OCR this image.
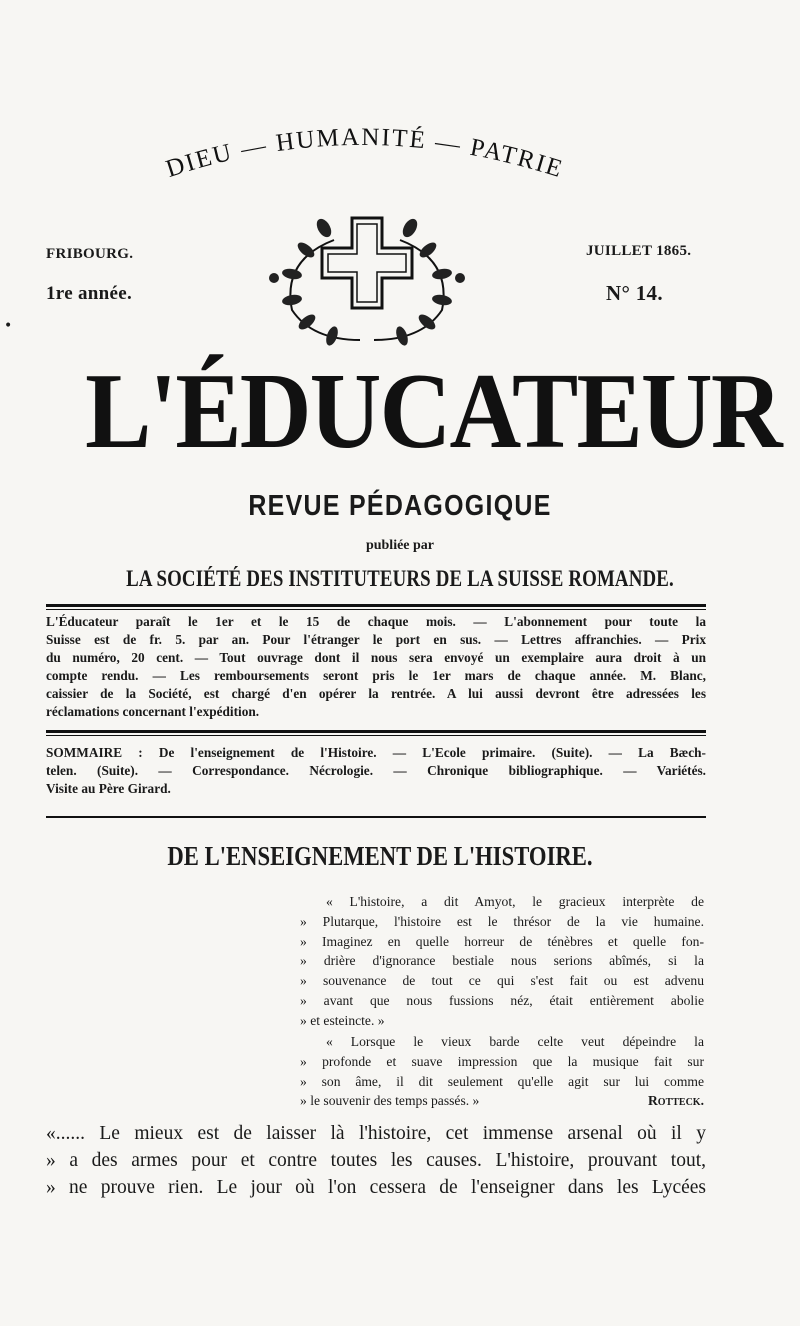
DIEU — HUMANITÉ — PATRIE
FRIBOURG.	JUILLET 1865.
1re année.	N° 14.
•
L'ÉDUCATEUR
REVUE PÉDAGOGIQUE
publiée par
LA SOCIÉTÉ DES INSTITUTEURS DE LA SUISSE ROMANDE.
L'Éducateur paraît le 1er et le 15 de chaque mois. — L'abonnement pour toute la
Suisse est de fr. 5. par an. Pour l'étranger le port en sus. — Lettres affranchies. — Prix
du numéro, 20 cent. — Tout ouvrage dont il nous sera envoyé un exemplaire aura droit à un
compte rendu. — Les remboursements seront pris le 1er mars de chaque année. M. Blanc,
caissier de la Société, est chargé d'en opérer la rentrée. A lui aussi devront être adressées les
réclamations concernant l'expédition.
SOMMAIRE : De l'enseignement de l'Histoire. — L'Ecole primaire. (Suite). — La Bæch-
telen. (Suite). — Correspondance. Nécrologie. — Chronique bibliographique. — Variétés.
Visite au Père Girard.
DE L'ENSEIGNEMENT DE L'HISTOIRE.
« L'histoire, a dit Amyot, le gracieux interprète de
» Plutarque, l'histoire est le thrésor de la vie humaine.
» Imaginez en quelle horreur de ténèbres et quelle fon-
» drière d'ignorance bestiale nous serions abîmés, si la
» souvenance de tout ce qui s'est fait ou est advenu
» avant que nous fussions néz, était entièrement abolie
» et esteincte. »
« Lorsque le vieux barde celte veut dépeindre la
» profonde et suave impression que la musique fait sur
» son âme, il dit seulement qu'elle agit sur lui comme
» le souvenir des temps passés. »	Rotteck.
«...... Le mieux est de laisser là l'histoire, cet immense arsenal où il y
» a des armes pour et contre toutes les causes. L'histoire, prouvant tout,
» ne prouve rien. Le jour où l'on cessera de l'enseigner dans les Lycées
